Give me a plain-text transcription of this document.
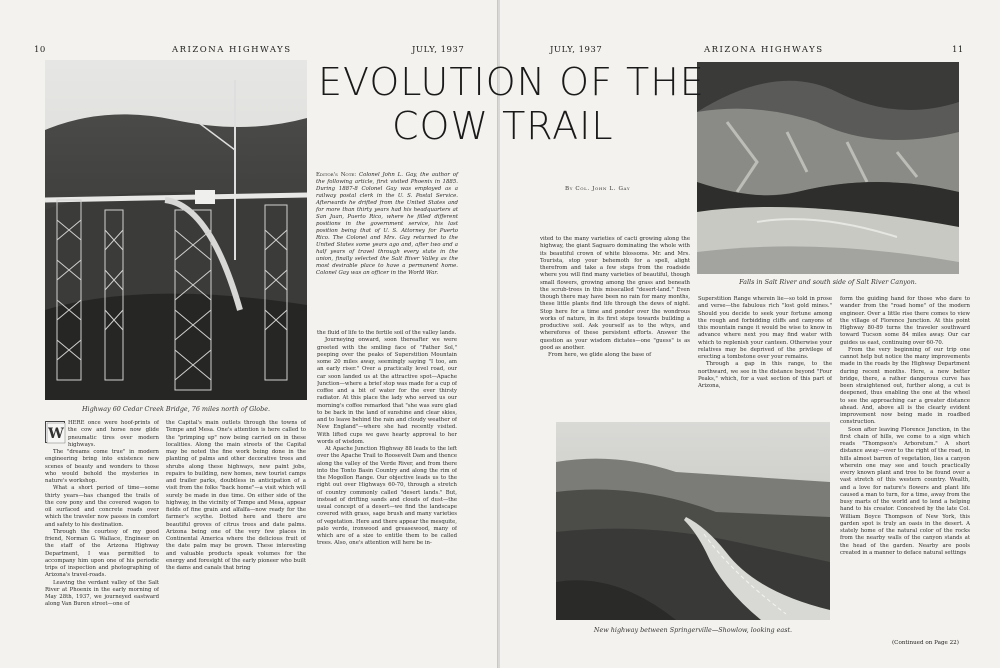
10	ARIZONA HIGHWAYS	JULY, 1937
Highway 60 Cedar Creek Bridge, 76 miles north of Globe.
W

HERE once were hoof-prints of the cow and horse now glide pneumatic tires over modern highways.

The "dreams come true" in modern engineering bring into existence new scenes of beauty and wonders to those who would behold the mysteries in nature's workshop.

What a short period of time—some thirty years—has changed the trails of the cow pony and the covered wagon to oil surfaced and concrete roads over which the traveler now passes in comfort and safety to his destination.

Through the courtesy of my good friend, Norman G. Wallace, Engineer on the staff of the Arizona Highway Department, I was permitted to accompany him upon one of his periodic trips of inspection and photographing of Arizona's travel-roads.

Leaving the verdant valley of the Salt River at Phoenix in the early morning of May 28th, 1937, we journeyed eastward along Van Buren street—one of

the Capital's main outlets through the towns of Tempe and Mesa. One's attention is here called to the "primping up" now being carried on in these localities. Along the main streets of the Capital may be noted the fine work being done in the planting of palms and other decorative trees and shrubs along these highways, new paint jobs, repairs to building, new homes, new tourist camps and trailer parks, doubtless in anticipation of a visit from the folks "back home"—a visit which will surely be made in due time. On either side of the highway, in the vicinity of Tempe and Mesa, appear fields of fine grain and alfalfa—now ready for the farmer's scythe. Dotted here and there are beautiful groves of citrus trees and date palms. Arizona being one of the very few places in Continental America where the delicious fruit of the date palm may be grown. These interesting and valuable products speak volumes for the energy and foresight of the early pioneer who built the dams and canals that bring

Editor's Note: Colonel John L. Gay, the author of the following article, first visited Phoenix in 1885. During 1887-8 Colonel Gay was employed as a railway postal clerk in the U. S. Postal Service. Afterwards he drifted from the United States and for more than thirty years had his headquarters at San Juan, Puerto Rico, where he filled different positions in the government service, his last position being that of U. S. Attorney for Puerto Rico. The Colonel and Mrs. Gay returned to the United States some years ago and, after two and a half years of travel through every state in the union, finally selected the Salt River Valley as the most desirable place to have a permanent home. Colonel Gay was an officer in the World War.

the fluid of life to the fertile soil of the valley lands.

Journeying onward, soon thereafter we were greeted with the smiling face of "Father Sol," peeping over the peaks of Superstition Mountain some 20 miles away, seemingly saying "I too, am an early riser." Over a practically level road, our car soon landed us at the attractive spot—Apache Junction—where a brief stop was made for a cup of coffee and a bit of water for the ever thirsty radiator. At this place the lady who served us our morning's coffee remarked that "she was sure glad to be back in the land of sunshine and clear skies, and to leave behind the rain and cloudy weather of New England"—where she had recently visited. With lifted cups we gave hearty approval to her words of wisdom.

At Apache Junction Highway 88 leads to the left over the Apache Trail to Roosevelt Dam and thence along the valley of the Verde River, and from there into the Tonto Basin Country and along the rim of the Mogollon Range. Our objective leads us to the right out over Highways 60-70, through a stretch of country commonly called "desert lands." But, instead of drifting sands and clouds of dust—the usual concept of a desert—we find the landscape covered with grass, sage brush and many varieties of vegetation. Here and there appear the mesquite, palo verde, ironwood and greasewood, many of which are of a size to entitle them to be called trees. Also, one's attention will here be in-

JULY, 1937	ARIZONA HIGHWAYS	11
Falls in Salt River and south side of Salt River Canyon.
By Col. John L. Gay

vited to the many varieties of cacti growing along the highway, the giant Saguaro dominating the whole with its beautiful crown of white blossoms. Mr. and Mrs. Tourista, stop your behemoth for a spell, alight therefrom and take a few steps from the roadside where you will find many varieties of beautiful, though small flowers, growing among the grass and beneath the scrub-trees in this misscalled "desert-land." Even though there may have been no rain for many months, these little plants find life through the dews of night. Stop here for a time and ponder over the wondrous works of nature, in its first steps towards building a productive soil. Ask yourself as to the whys, and wherefores of these persistent efforts. Answer the question as your wisdom dictates—one "guess" is as good as another.

From here, we glide along the base of

Superstition Range wherein lie—so told in prose and verse—the fabulous rich "lost gold mines." Should you decide to seek your fortune among the rough and forbidding cliffs and canyons of this mountain range it would be wise to know in advance where next you may find water with which to replenish your canteen. Otherwise your relatives may be deprived of the privilege of erecting a tombstone over your remains.

Through a gap in this range, to the northward, we see in the distance beyond "Four Peaks," which, for a vast section of this part of Arizona,

New highway between Springerville—Showlow, looking east.

form the guiding hand for those who dare to wander from the "road home" of the modern engineer. Over a little rise there comes to view the village of Florence Junction. At this point Highway 80-89 turns the traveler southward toward Tucson some 84 miles away. Our car guides us east, continuing over 60-70.

From the very beginning of our trip one cannot help but notice the many improvements made in the roads by the Highway Department during recent months. Here, a new better bridge, there, a rather dangerous curve has been straightened out, further along, a cut is deepened, thus enabling the one at the wheel to see the approaching car a greater distance ahead. And, above all is the clearly evident improvement now being made in roadbed construction.

Soon after leaving Florence Junction, in the first chain of hills, we come to a sign which reads "Thompson's Arboretum." A short distance away—over to the right of the road, in hills almost barren of vegetation, lies a canyon wherein one may see and touch practically every known plant and tree to be found over a vast stretch of this western country. Wealth, and a love for nature's flowers and plant life caused a man to turn, for a time, away from the busy marts of the world and to lend a helping hand to his creator. Conceived by the late Col. William Boyce Thompson of New York, this garden spot is truly an oasis in the desert. A stately home of the natural color of the rocks from the nearby walls of the canyon stands at the head of the garden. Nearby are pools created in a manner to deface natural settings

(Continued on Page 22)
EVOLUTION OF THE
COW TRAIL
